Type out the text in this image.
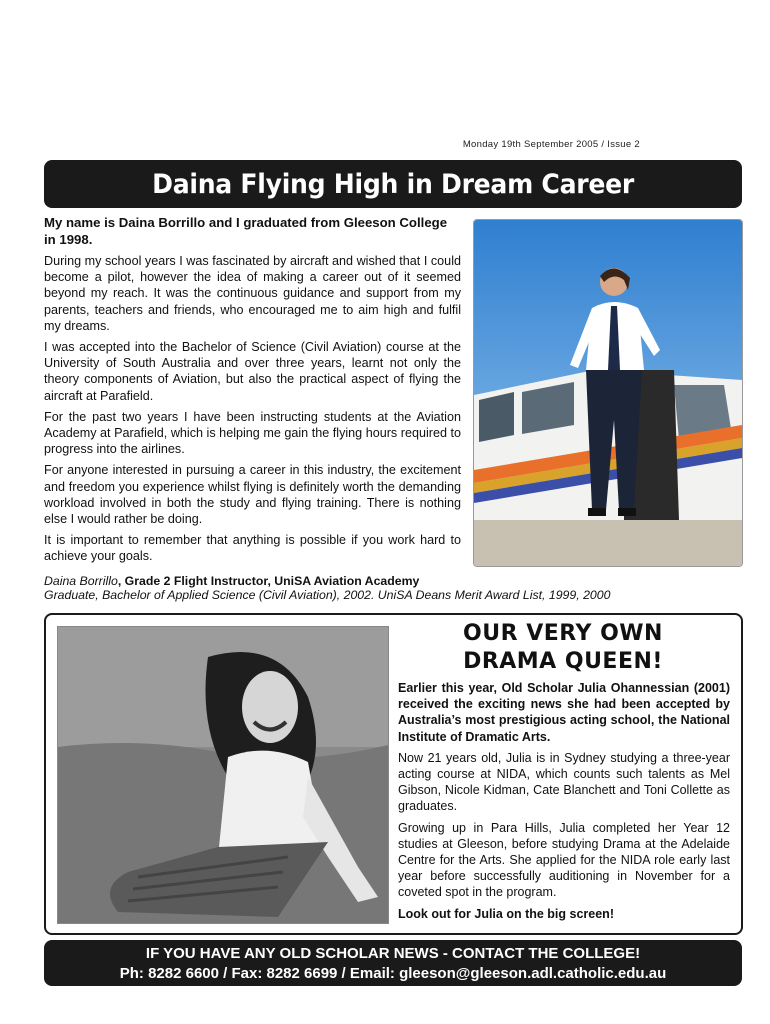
Monday 19th September 2005 / Issue 2
Daina Flying High in Dream Career

My name is Daina Borrillo and I graduated from Gleeson College in 1998.

During my school years I was fascinated by aircraft and wished that I could become a pilot, however the idea of making a career out of it seemed beyond my reach. It was the continuous guidance and support from my parents, teachers and friends, who encouraged me to aim high and fulfil my dreams.

I was accepted into the Bachelor of Science (Civil Aviation) course at the University of South Australia and over three years, learnt not only the theory components of Aviation, but also the practical aspect of flying the aircraft at Parafield.

For the past two years I have been instructing students at the Aviation Academy at Parafield, which is helping me gain the flying hours required to progress into the airlines.

For anyone interested in pursuing a career in this industry, the excitement and freedom you experience whilst flying is definitely worth the demanding workload involved in both the study and flying training. There is nothing else I would rather be doing.

It is important to remember that anything is possible if you work hard to achieve your goals.

Daina Borrillo, Grade 2 Flight Instructor, UniSA Aviation Academy
Graduate, Bachelor of Applied Science (Civil Aviation), 2002. UniSA Deans Merit Award List, 1999, 2000
OUR VERY OWN
DRAMA QUEEN!

Earlier this year, Old Scholar Julia Ohannessian (2001) received the exciting news she had been accepted by Australia’s most prestigious acting school, the National Institute of Dramatic Arts.

Now 21 years old, Julia is in Sydney studying a three-year acting course at NIDA, which counts such talents as Mel Gibson, Nicole Kidman, Cate Blanchett and Toni Collette as graduates.

Growing up in Para Hills, Julia completed her Year 12 studies at Gleeson, before studying Drama at the Adelaide Centre for the Arts. She applied for the NIDA role early last year before successfully auditioning in November for a coveted spot in the program.

Look out for Julia on the big screen!

IF YOU HAVE ANY OLD SCHOLAR NEWS - CONTACT THE COLLEGE!
Ph: 8282 6600 / Fax: 8282 6699 / Email: gleeson@gleeson.adl.catholic.edu.au
